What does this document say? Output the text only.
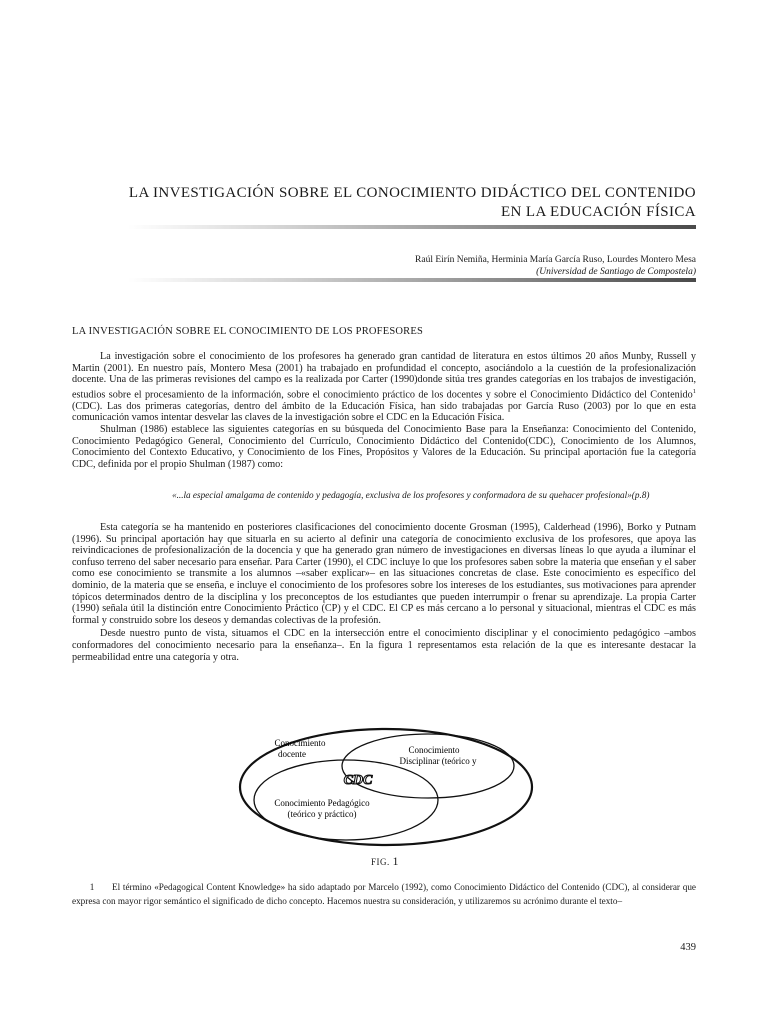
LA INVESTIGACIÓN SOBRE EL CONOCIMIENTO DIDÁCTICO DEL CONTENIDO
EN LA EDUCACIÓN FÍSICA
Raúl Eirín Nemiña, Herminia María García Ruso, Lourdes Montero Mesa
(Universidad de Santiago de Compostela)
LA INVESTIGACIÓN SOBRE EL CONOCIMIENTO DE LOS PROFESORES

La investigación sobre el conocimiento de los profesores ha generado gran cantidad de literatura en estos últimos 20 años Munby, Russell y Martin (2001). En nuestro país, Montero Mesa (2001) ha trabajado en profundidad el concepto, asociándolo a la cuestión de la profesionalización docente. Una de las primeras revisiones del campo es la realizada por Carter (1990)donde sitúa tres grandes categorías en los trabajos de investigación, estudios sobre el procesamiento de la información, sobre el conocimiento práctico de los docentes y sobre el Conocimiento Didáctico del Contenido$^1$ (CDC). Las dos primeras categorías, dentro del ámbito de la Educación Física, han sido trabajadas por García Ruso (2003) por lo que en esta comunicación vamos intentar desvelar las claves de la investigación sobre el CDC en la Educación Física.

Shulman (1986) establece las siguientes categorías en su búsqueda del Conocimiento Base para la Enseñanza: Conocimiento del Contenido, Conocimiento Pedagógico General, Conocimiento del Currículo, Conocimiento Didáctico del Contenido(CDC), Conocimiento de los Alumnos, Conocimiento del Contexto Educativo, y Conocimiento de los Fines, Propósitos y Valores de la Educación. Su principal aportación fue la categoría CDC, definida por el propio Shulman (1987) como:

«...la especial amalgama de contenido y pedagogía, exclusiva de los profesores y conformadora de su quehacer profesional»(p.8)

Esta categoría se ha mantenido en posteriores clasificaciones del conocimiento docente Grosman (1995), Calderhead (1996), Borko y Putnam (1996). Su principal aportación hay que situarla en su acierto al definir una categoría de conocimiento exclusiva de los profesores, que apoya las reivindicaciones de profesionalización de la docencia y que ha generado gran número de investigaciones en diversas líneas lo que ayuda a iluminar el confuso terreno del saber necesario para enseñar. Para Carter (1990), el CDC incluye lo que los profesores saben sobre la materia que enseñan y el saber como ese conocimiento se transmite a los alumnos –«saber explicar»– en las situaciones concretas de clase. Este conocimiento es específico del dominio, de la materia que se enseña, e incluye el conocimiento de los profesores sobre los intereses de los estudiantes, sus motivaciones para aprender tópicos determinados dentro de la disciplina y los preconceptos de los estudiantes que pueden interrumpir o frenar su aprendizaje. La propia Carter (1990) señala útil la distinción entre Conocimiento Práctico (CP) y el CDC. El CP es más cercano a lo personal y situacional, mientras el CDC es más formal y construido sobre los deseos y demandas colectivas de la profesión.

Desde nuestro punto de vista, situamos el CDC en la intersección entre el conocimiento disciplinar y el conocimiento pedagógico –ambos conformadores del conocimiento necesario para la enseñanza–. En la figura 1 representamos esta relación de la que es interesante destacar la permeabilidad entre una categoría y otra.

Conocimiento
docente	Conocimiento
Disciplinar (teórico y
Conocimiento Pedagógico
(teórico y práctico)
CDC
FIG. 1
1 El término «Pedagogical Content Knowledge» ha sido adaptado por Marcelo (1992), como Conocimiento Didáctico del Contenido (CDC), al considerar que expresa con mayor rigor semántico el significado de dicho concepto. Hacemos nuestra su consideración, y utilizaremos su acrónimo durante el texto–
439
